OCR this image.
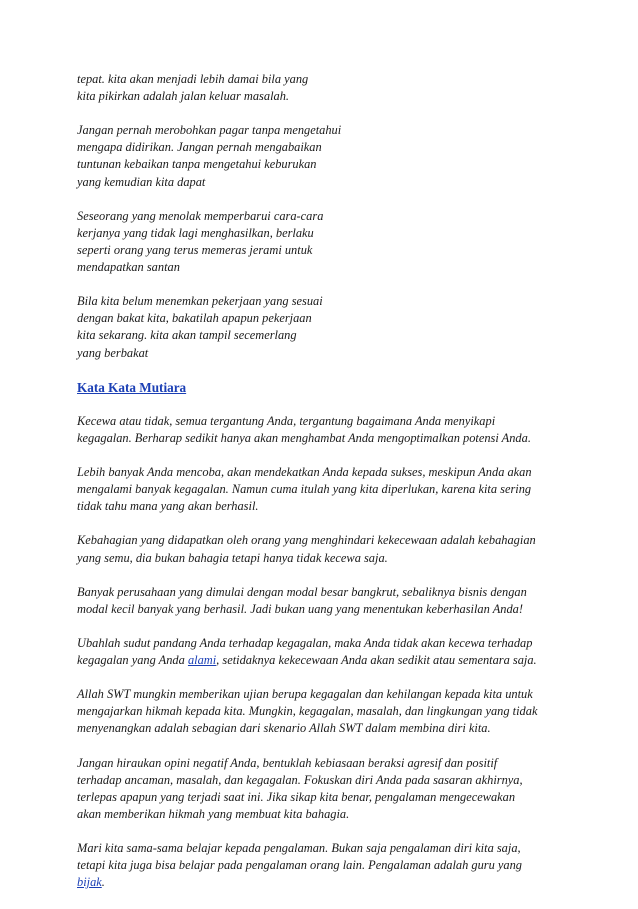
tepat. kita akan menjadi lebih damai bila yang
kita pikirkan adalah jalan keluar masalah.

Jangan pernah merobohkan pagar tanpa mengetahui
mengapa didirikan. Jangan pernah mengabaikan
tuntunan kebaikan tanpa mengetahui keburukan
yang kemudian kita dapat

Seseorang yang menolak memperbarui cara-cara
kerjanya yang tidak lagi menghasilkan, berlaku
seperti orang yang terus memeras jerami untuk
mendapatkan santan

Bila kita belum menemkan pekerjaan yang sesuai
dengan bakat kita, bakatilah apapun pekerjaan
kita sekarang. kita akan tampil secemerlang
yang berbakat

Kata Kata Mutiara

Kecewa atau tidak, semua tergantung Anda, tergantung bagaimana Anda menyikapi
kegagalan. Berharap sedikit hanya akan menghambat Anda mengoptimalkan potensi Anda.

Lebih banyak Anda mencoba, akan mendekatkan Anda kepada sukses, meskipun Anda akan
mengalami banyak kegagalan. Namun cuma itulah yang kita diperlukan, karena kita sering
tidak tahu mana yang akan berhasil.

Kebahagian yang didapatkan oleh orang yang menghindari kekecewaan adalah kebahagian
yang semu, dia bukan bahagia tetapi hanya tidak kecewa saja.

Banyak perusahaan yang dimulai dengan modal besar bangkrut, sebaliknya bisnis dengan
modal kecil banyak yang berhasil. Jadi bukan uang yang menentukan keberhasilan Anda!

Ubahlah sudut pandang Anda terhadap kegagalan, maka Anda tidak akan kecewa terhadap
kegagalan yang Anda alami, setidaknya kekecewaan Anda akan sedikit atau sementara saja.

Allah SWT mungkin memberikan ujian berupa kegagalan dan kehilangan kepada kita untuk
mengajarkan hikmah kepada kita. Mungkin, kegagalan, masalah, dan lingkungan yang tidak
menyenangkan adalah sebagian dari skenario Allah SWT dalam membina diri kita.

Jangan hiraukan opini negatif Anda, bentuklah kebiasaan beraksi agresif dan positif
terhadap ancaman, masalah, dan kegagalan. Fokuskan diri Anda pada sasaran akhirnya,
terlepas apapun yang terjadi saat ini. Jika sikap kita benar, pengalaman mengecewakan
akan memberikan hikmah yang membuat kita bahagia.

Mari kita sama-sama belajar kepada pengalaman. Bukan saja pengalaman diri kita saja,
tetapi kita juga bisa belajar pada pengalaman orang lain. Pengalaman adalah guru yang
bijak.
